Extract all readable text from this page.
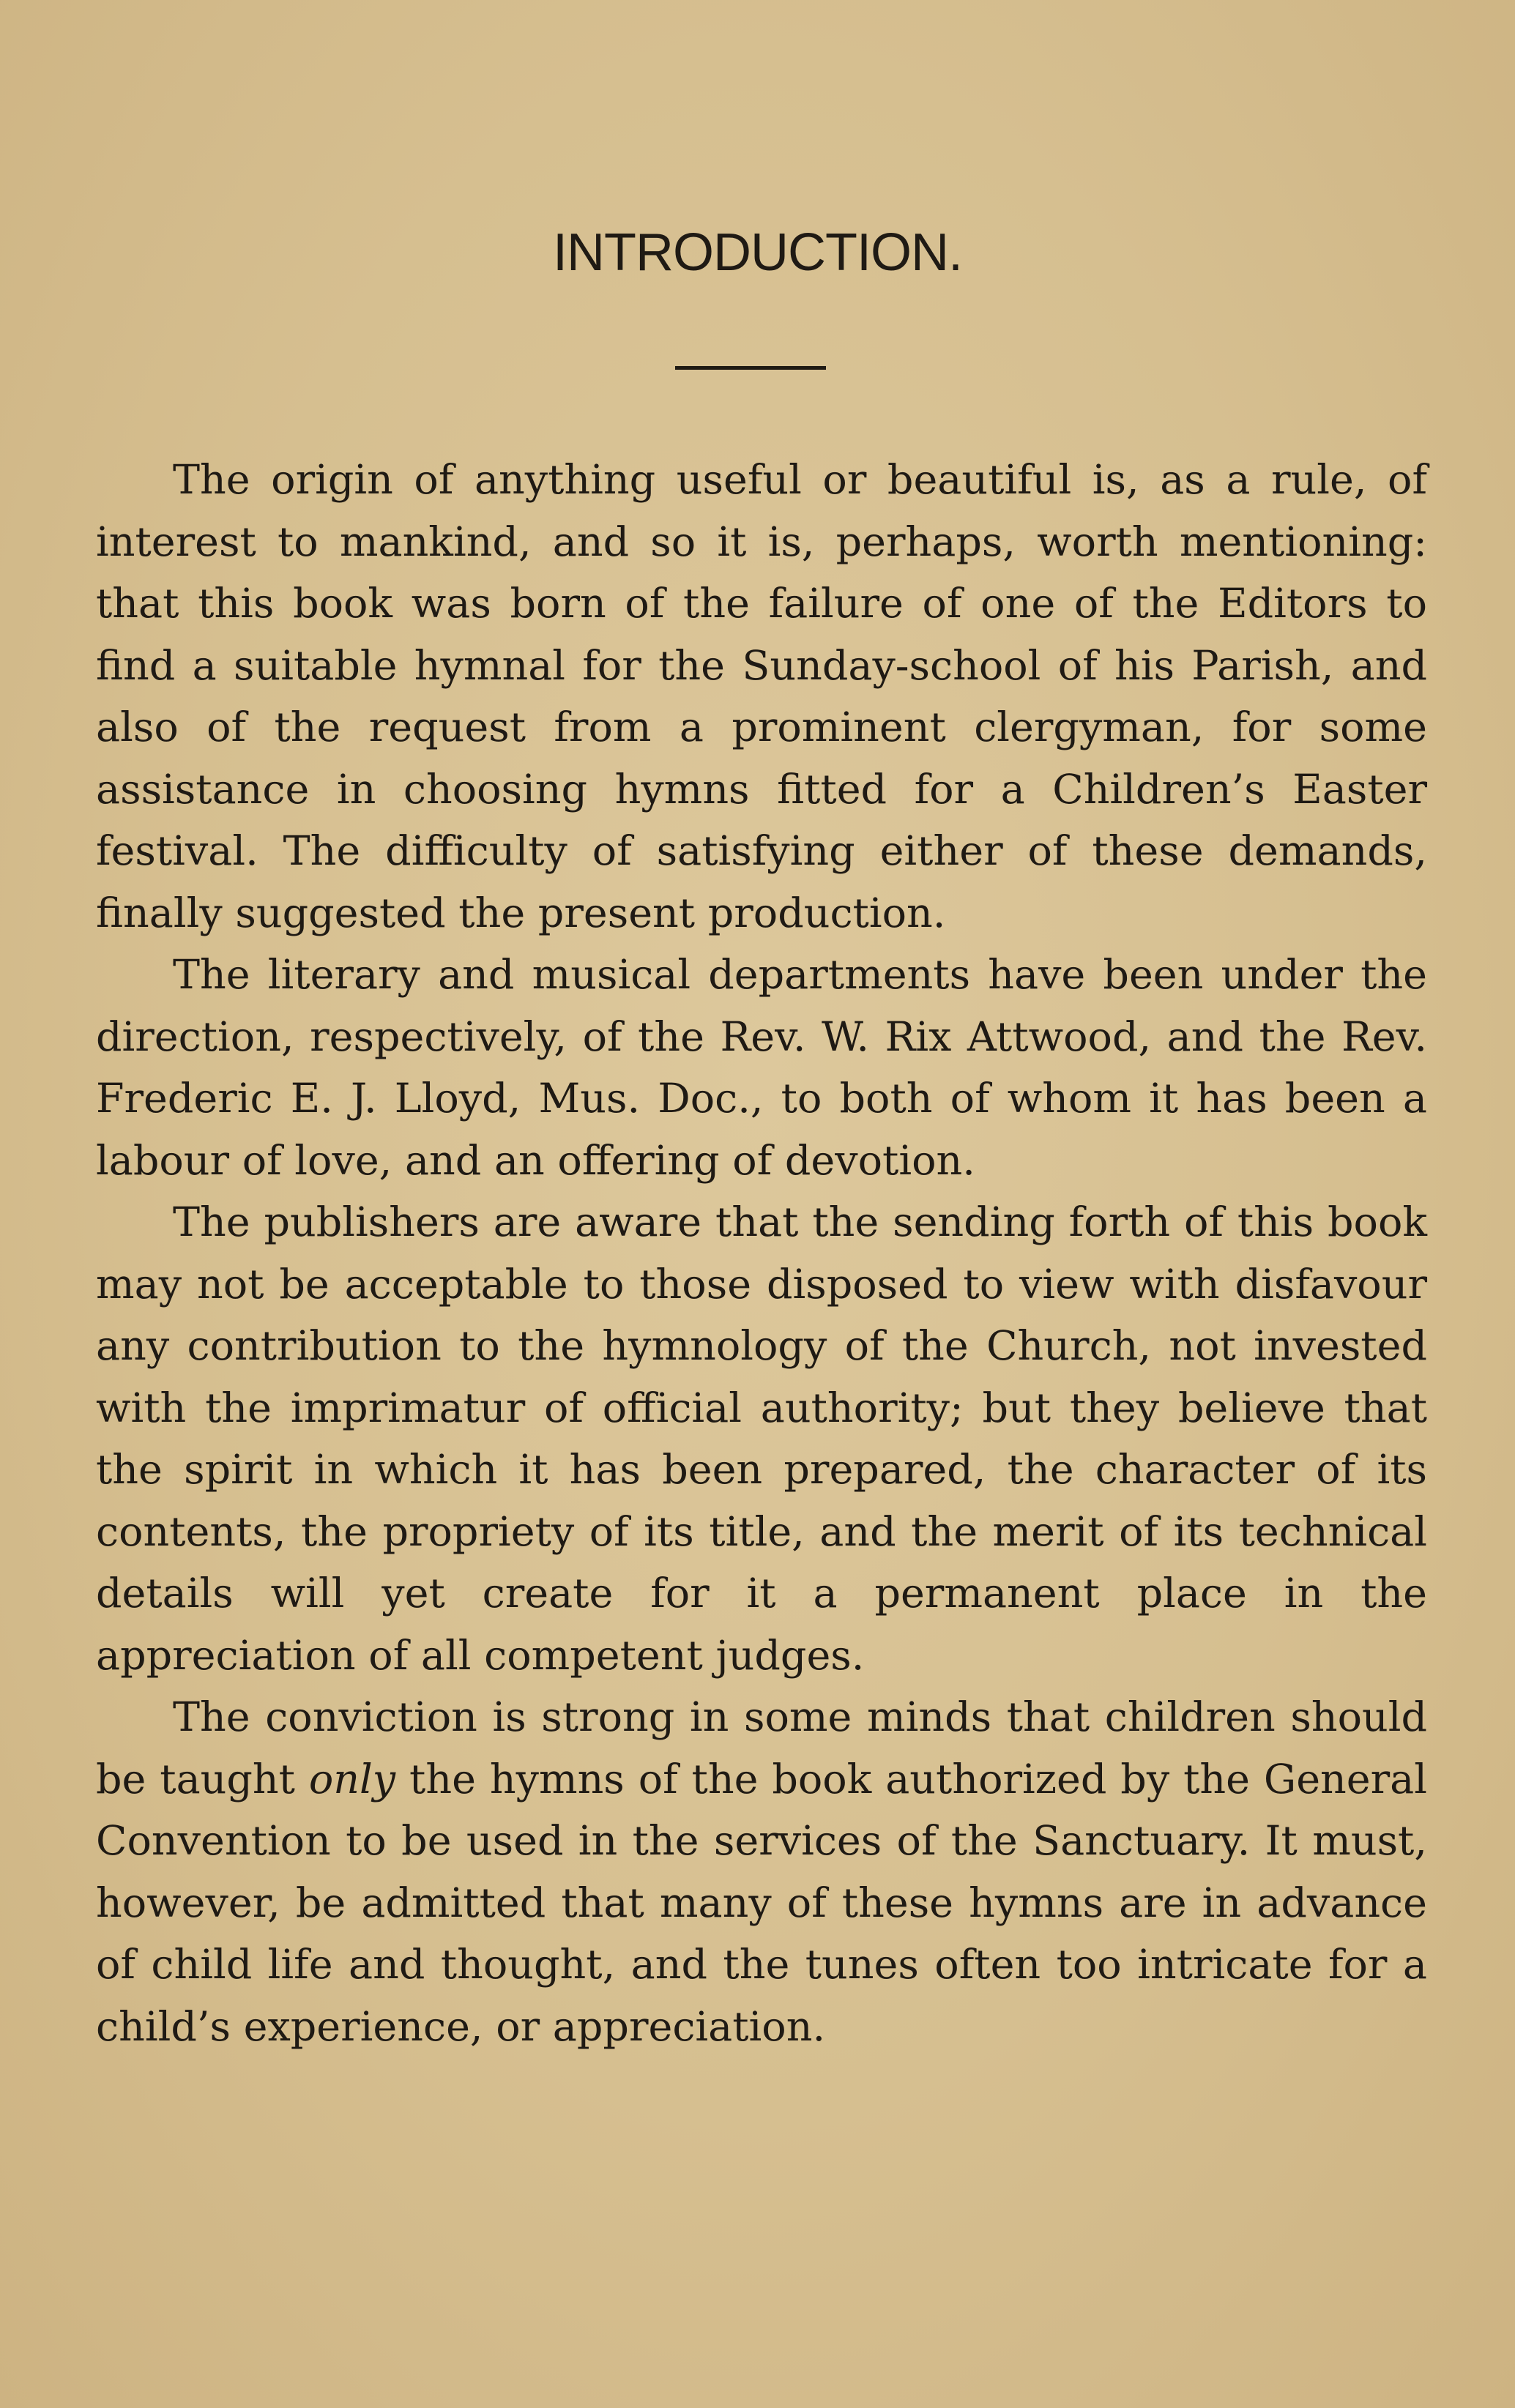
INTRODUCTION.

The origin of anything useful or beautiful is, as a rule, of interest to mankind, and so it is, perhaps, worth mentioning: that this book was born of the failure of one of the Editors to find a suitable hymnal for the Sunday-school of his Parish, and also of the request from a prominent clergyman, for some assistance in choosing hymns fitted for a Children’s Easter festival. The difficulty of satisfying either of these demands, finally suggested the present production.

The literary and musical departments have been under the direction, respectively, of the Rev. W. Rix Attwood, and the Rev. Frederic E. J. Lloyd, Mus. Doc., to both of whom it has been a labour of love, and an offering of devotion.

The publishers are aware that the sending forth of this book may not be acceptable to those disposed to view with disfavour any contribution to the hymnology of the Church, not invested with the imprimatur of official authority; but they believe that the spirit in which it has been prepared, the character of its contents, the propriety of its title, and the merit of its technical details will yet create for it a permanent place in the appreciation of all competent judges.

The conviction is strong in some minds that children should be taught only the hymns of the book authorized by the General Convention to be used in the services of the Sanctuary. It must, however, be admitted that many of these hymns are in advance of child life and thought, and the tunes often too intricate for a child’s experience, or appreciation.
